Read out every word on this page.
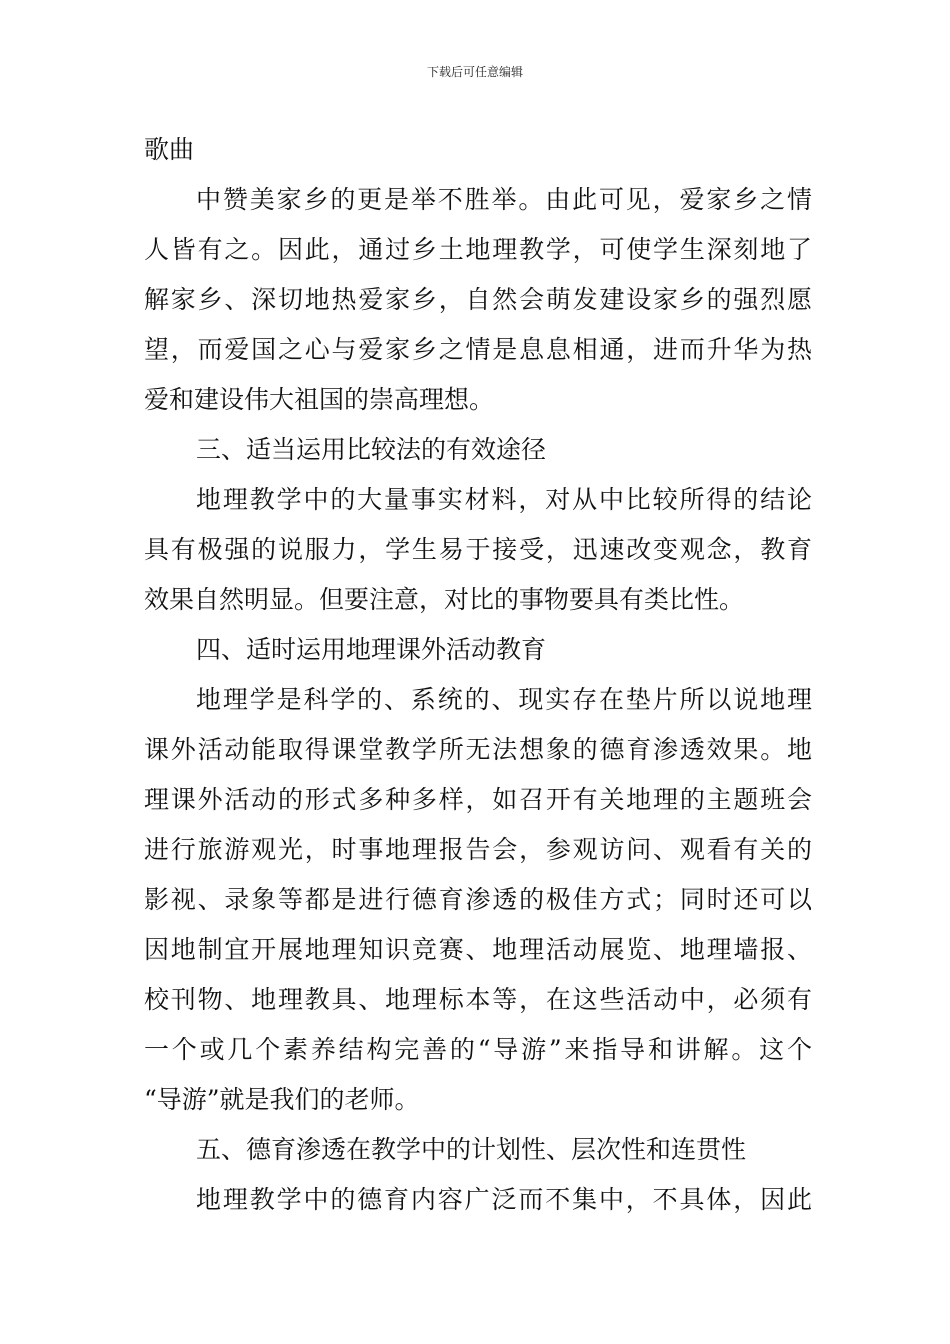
下载后可任意编辑
歌曲
中赞美家乡的更是举不胜举。由此可见，爱家乡之情
人皆有之。因此，通过乡土地理教学，可使学生深刻地了
解家乡、深切地热爱家乡，自然会萌发建设家乡的强烈愿
望，而爱国之心与爱家乡之情是息息相通，进而升华为热
爱和建设伟大祖国的崇高理想。
三、适当运用比较法的有效途径
地理教学中的大量事实材料，对从中比较所得的结论
具有极强的说服力，学生易于接受，迅速改变观念，教育
效果自然明显。但要注意，对比的事物要具有类比性。
四、适时运用地理课外活动教育
地理学是科学的、系统的、现实存在垫片所以说地理
课外活动能取得课堂教学所无法想象的德育渗透效果。地
理课外活动的形式多种多样，如召开有关地理的主题班会
进行旅游观光，时事地理报告会，参观访问、观看有关的
影视、录象等都是进行德育渗透的极佳方式；同时还可以
因地制宜开展地理知识竞赛、地理活动展览、地理墙报、
校刊物、地理教具、地理标本等，在这些活动中，必须有
一个或几个素养结构完善的“导游”来指导和讲解。这个
“导游”就是我们的老师。
五、德育渗透在教学中的计划性、层次性和连贯性
地理教学中的德育内容广泛而不集中，不具体，因此
